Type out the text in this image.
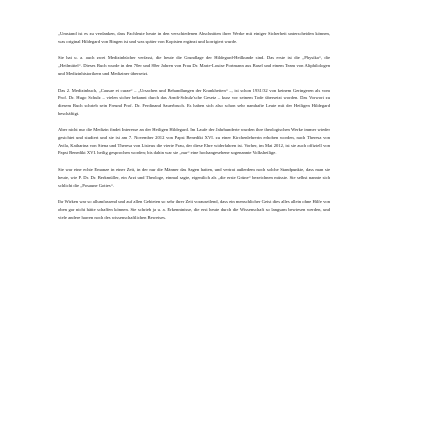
„Umstand ist es zu verdanken, dass Fachleute heute in den verschiedenen Abschnitten ihrer Werke mit einiger Sicherheit unterscheiden können, was original Hildegard von Bingen ist und was später von Kopisten ergänzt und korrigiert wurde.

Sie hat u. a. auch zwei Medizinbücher verfasst, die heute die Grundlage der Hildegard-Heilkunde sind. Das erste ist die „Physika“, die „Heilmittel“. Dieses Buch wurde in den 70er und 80er Jahren von Frau Dr. Marie-Louise Portmann aus Basel und einem Team von Altphilologen und Medizinhistorikern und Mediziner übersetzt.

Das 2. Medizinbuch, „Causae et curae“ – „Ursachen und Behandlungen der Krankheiten“ –, ist schon 1931/32 von keinem Geringeren als vom Prof. Dr. Hugo Schulz – vielen sicher bekannt durch das Arndt-Schulz'sche Gesetz – kurz vor seinem Tode übersetzt worden. Das Vorwort zu diesem Buch schrieb sein Freund Prof. Dr. Ferdinand Sauerbruch. Es haben sich also schon sehr namhafte Leute mit der Heiligen Hildegard beschäftigt.

Aber nicht nur die Medizin findet Interesse an der Heiligen Hildegard. Im Laufe der Jahrhunderte wurden ihre theologischen Werke immer wieder gesichtet und studiert und sie ist am 7. November 2012 von Papst Benedikt XVI. zu einer Kirchenlehrerin erhoben worden, nach Theresa von Avila, Katharina von Siena und Theresa von Lisieux die vierte Frau, der diese Ehre widerfahren ist. Vorher, im Mai 2012, ist sie auch offiziell von Papst Benedikt XVI. heilig gesprochen worden; bis dahin war sie „nur“ eine hochangesehene sogenannte Volksheilige.

Sie war eine echte Emanze in einer Zeit, in der nur die Männer das Sagen hatten, und vertrat außerdem noch solche Standpunkte, dass man sie heute, wie P. Dr. Dr. Berkmüller, ein Arzt und Theologe, einmal sagte, eigentlich als „die erste Grüne“ bezeichnen müsste. Sie selbst nannte sich schlicht die „Posaune Gottes“.

Ihr Wirken war so allumfassend und auf allen Gebieten so sehr ihrer Zeit vorauseilend, dass ein menschlicher Geist dies alles allein ohne Hilfe von oben gar nicht hätte schaffen können. Sie schrieb ja u. a. Erkenntnisse, die erst heute durch die Wissenschaft so langsam bewiesen werden, und viele andere harren noch des wissenschaftlichen Beweises.
